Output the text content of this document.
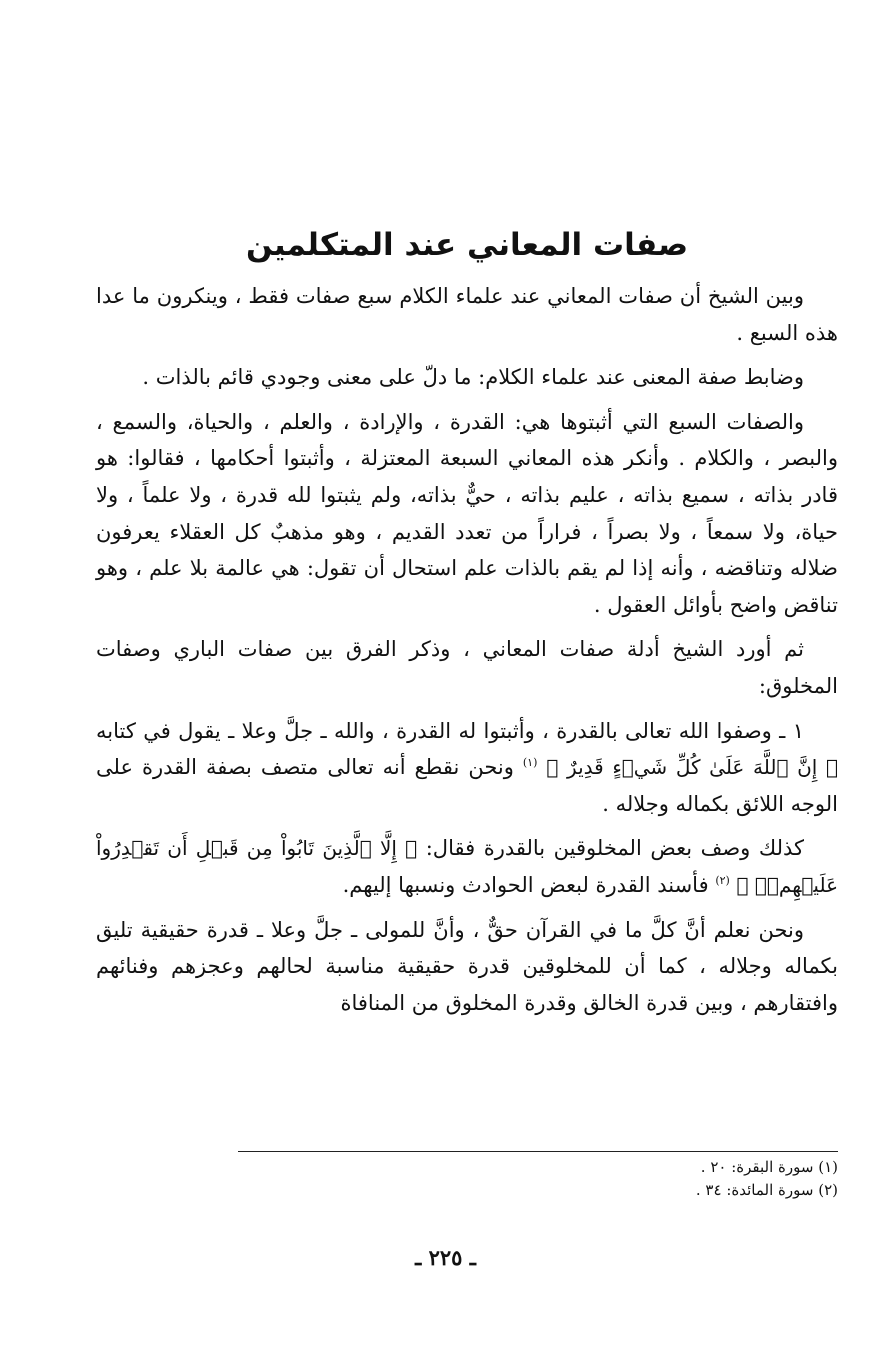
صفات المعاني عند المتكلمين

وبين الشيخ أن صفات المعاني عند علماء الكلام سبع صفات فقط ، وينكرون ما عدا هذه السبع .

وضابط صفة المعنى عند علماء الكلام: ما دلّ على معنى وجودي قائم بالذات .

والصفات السبع التي أثبتوها هي: القدرة ، والإرادة ، والعلم ، والحياة، والسمع ، والبصر ، والكلام . وأنكر هذه المعاني السبعة المعتزلة ، وأثبتوا أحكامها ، فقالوا: هو قادر بذاته ، سميع بذاته ، عليم بذاته ، حيٌّ بذاته، ولم يثبتوا لله قدرة ، ولا علماً ، ولا حياة، ولا سمعاً ، ولا بصراً ، فراراً من تعدد القديم ، وهو مذهبٌ كل العقلاء يعرفون ضلاله وتناقضه ، وأنه إذا لم يقم بالذات علم استحال أن تقول: هي عالمة بلا علم ، وهو تناقض واضح بأوائل العقول .

ثم أورد الشيخ أدلة صفات المعاني ، وذكر الفرق بين صفات الباري وصفات المخلوق:

١ ـ وصفوا الله تعالى بالقدرة ، وأثبتوا له القدرة ، والله ـ جلَّ وعلا ـ يقول في كتابه ﴿ إِنَّ ٱللَّهَ عَلَىٰ كُلِّ شَيۡءٍ قَدِيرٌ ﴾ $^{(١)}$ ونحن نقطع أنه تعالى متصف بصفة القدرة على الوجه اللائق بكماله وجلاله .

كذلك وصف بعض المخلوقين بالقدرة فقال: ﴿ إِلَّا ٱلَّذِينَ تَابُواْ مِن قَبۡلِ أَن تَقۡدِرُواْ عَلَيۡهِمۡۖ ﴾ $^{(٢)}$ فأسند القدرة لبعض الحوادث ونسبها إليهم.

ونحن نعلم أنَّ كلَّ ما في القرآن حقٌّ ، وأنَّ للمولى ـ جلَّ وعلا ـ قدرة حقيقية تليق بكماله وجلاله ، كما أن للمخلوقين قدرة حقيقية مناسبة لحالهم وعجزهم وفنائهم وافتقارهم ، وبين قدرة الخالق وقدرة المخلوق من المنافاة

(١) سورة البقرة: ٢٠ .

(٢) سورة المائدة: ٣٤ .

ـ ٢٢٥ ـ
